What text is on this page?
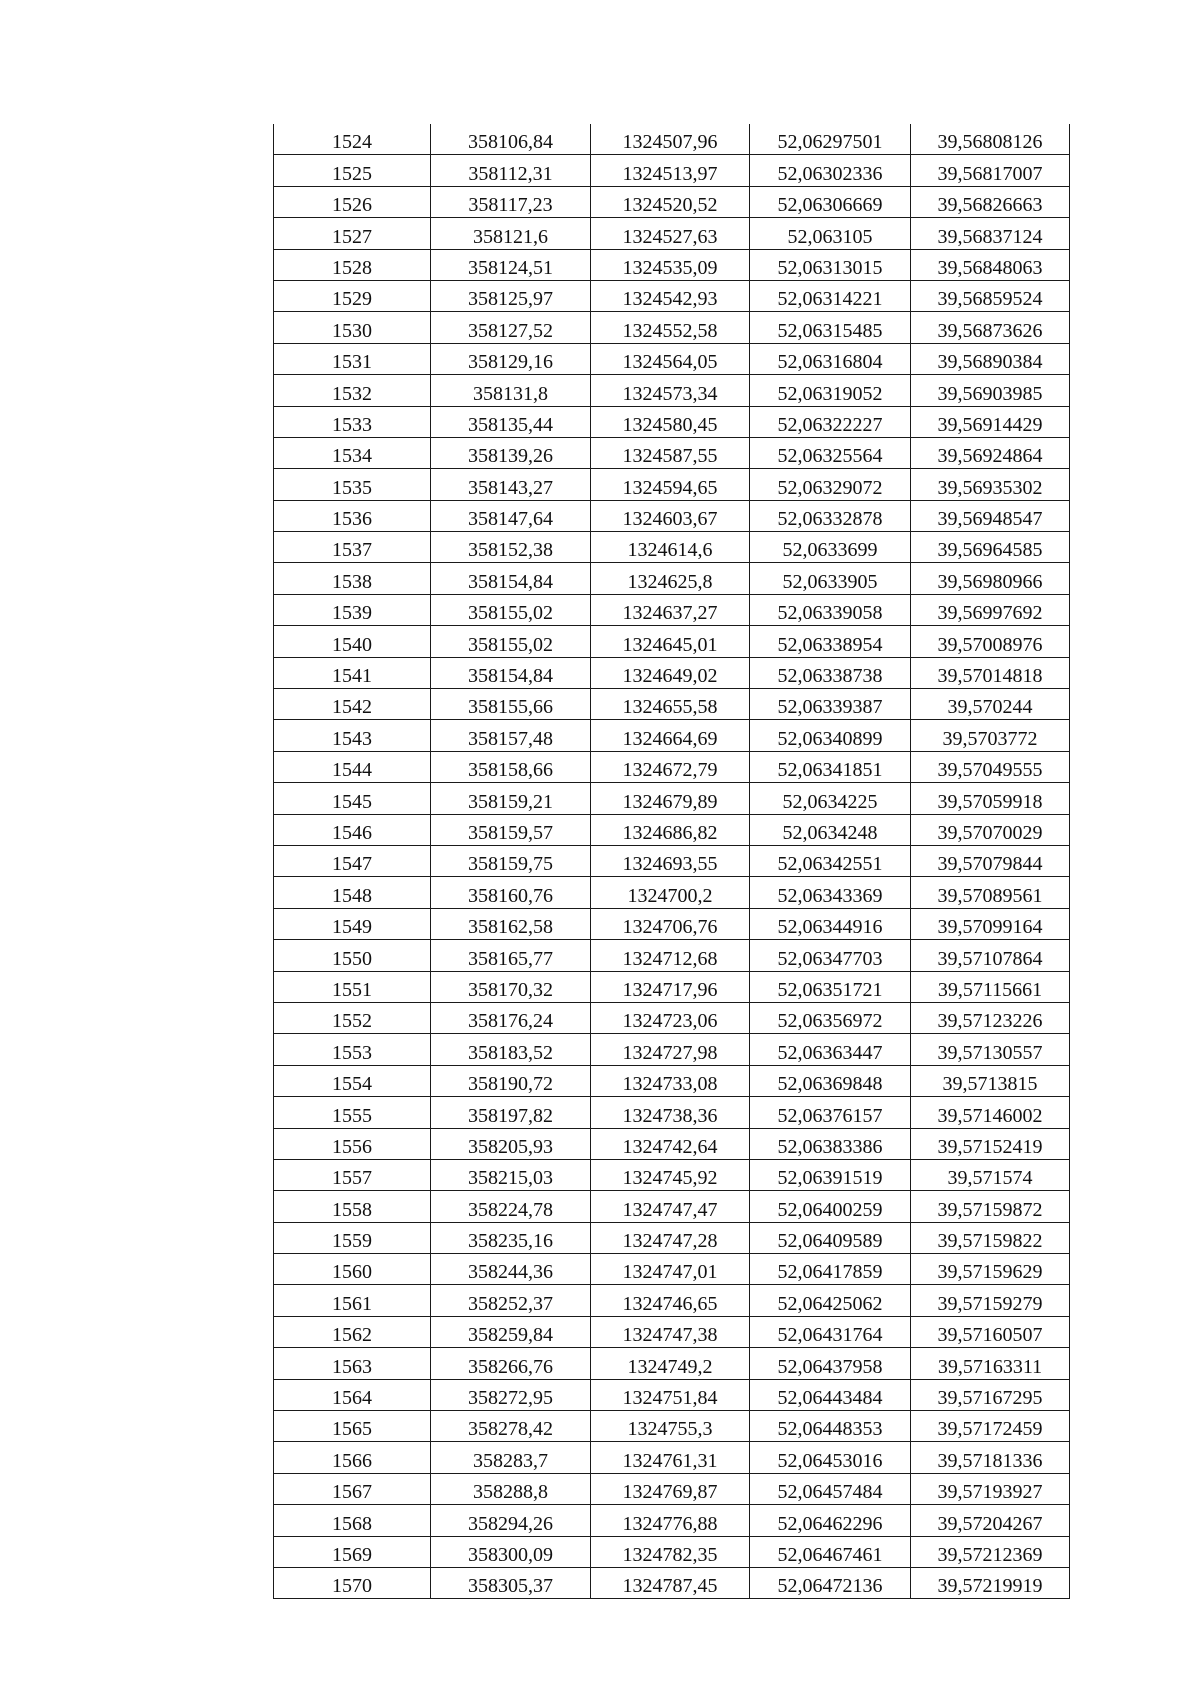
1524	358106,84	1324507,96	52,06297501	39,56808126
1525	358112,31	1324513,97	52,06302336	39,56817007
1526	358117,23	1324520,52	52,06306669	39,56826663
1527	358121,6	1324527,63	52,063105	39,56837124
1528	358124,51	1324535,09	52,06313015	39,56848063
1529	358125,97	1324542,93	52,06314221	39,56859524
1530	358127,52	1324552,58	52,06315485	39,56873626
1531	358129,16	1324564,05	52,06316804	39,56890384
1532	358131,8	1324573,34	52,06319052	39,56903985
1533	358135,44	1324580,45	52,06322227	39,56914429
1534	358139,26	1324587,55	52,06325564	39,56924864
1535	358143,27	1324594,65	52,06329072	39,56935302
1536	358147,64	1324603,67	52,06332878	39,56948547
1537	358152,38	1324614,6	52,0633699	39,56964585
1538	358154,84	1324625,8	52,0633905	39,56980966
1539	358155,02	1324637,27	52,06339058	39,56997692
1540	358155,02	1324645,01	52,06338954	39,57008976
1541	358154,84	1324649,02	52,06338738	39,57014818
1542	358155,66	1324655,58	52,06339387	39,570244
1543	358157,48	1324664,69	52,06340899	39,5703772
1544	358158,66	1324672,79	52,06341851	39,57049555
1545	358159,21	1324679,89	52,0634225	39,57059918
1546	358159,57	1324686,82	52,0634248	39,57070029
1547	358159,75	1324693,55	52,06342551	39,57079844
1548	358160,76	1324700,2	52,06343369	39,57089561
1549	358162,58	1324706,76	52,06344916	39,57099164
1550	358165,77	1324712,68	52,06347703	39,57107864
1551	358170,32	1324717,96	52,06351721	39,57115661
1552	358176,24	1324723,06	52,06356972	39,57123226
1553	358183,52	1324727,98	52,06363447	39,57130557
1554	358190,72	1324733,08	52,06369848	39,5713815
1555	358197,82	1324738,36	52,06376157	39,57146002
1556	358205,93	1324742,64	52,06383386	39,57152419
1557	358215,03	1324745,92	52,06391519	39,571574
1558	358224,78	1324747,47	52,06400259	39,57159872
1559	358235,16	1324747,28	52,06409589	39,57159822
1560	358244,36	1324747,01	52,06417859	39,57159629
1561	358252,37	1324746,65	52,06425062	39,57159279
1562	358259,84	1324747,38	52,06431764	39,57160507
1563	358266,76	1324749,2	52,06437958	39,57163311
1564	358272,95	1324751,84	52,06443484	39,57167295
1565	358278,42	1324755,3	52,06448353	39,57172459
1566	358283,7	1324761,31	52,06453016	39,57181336
1567	358288,8	1324769,87	52,06457484	39,57193927
1568	358294,26	1324776,88	52,06462296	39,57204267
1569	358300,09	1324782,35	52,06467461	39,57212369
1570	358305,37	1324787,45	52,06472136	39,57219919
